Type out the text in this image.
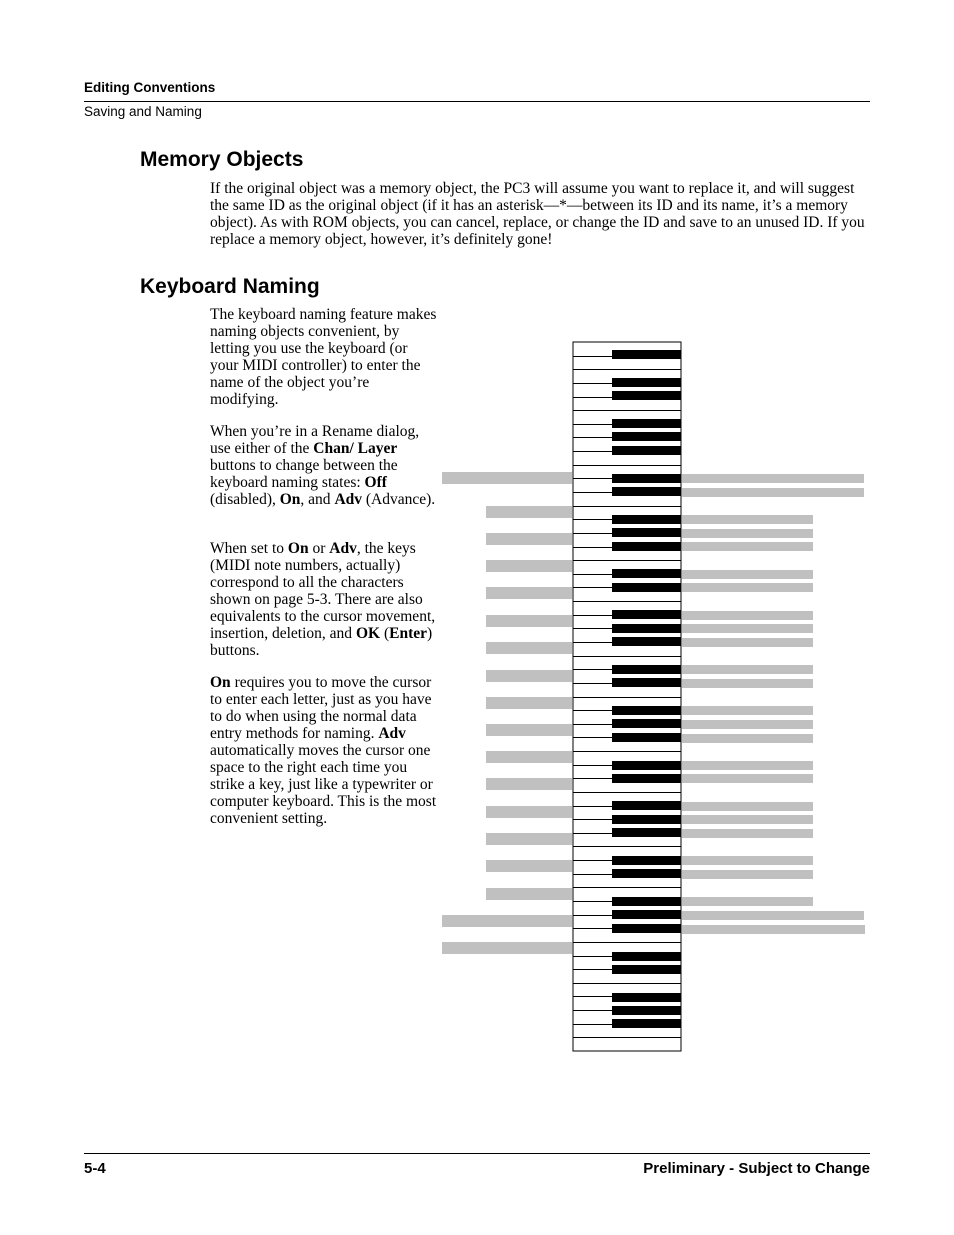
Editing Conventions
Saving and Naming
Memory Objects

If the original object was a memory object, the PC3 will assume you want to replace it, and will suggest the same ID as the original object (if it has an asterisk—*—between its ID and its name, it’s a memory object). As with ROM objects, you can cancel, replace, or change the ID and save to an unused ID. If you replace a memory object, however, it’s definitely gone!

Keyboard Naming

The keyboard naming feature makes naming objects convenient, by letting you use the keyboard (or your MIDI controller) to enter the name of the object you’re modifying.

When you’re in a Rename dialog, use either of the Chan/ Layer buttons to change between the keyboard naming states: Off (disabled), On, and Adv (Advance).

When set to On or Adv, the keys (MIDI note numbers, actually) correspond to all the characters shown on page 5-3. There are also equivalents to the cursor movement, insertion, deletion, and OK (Enter) buttons.

On requires you to move the cursor to enter each letter, just as you have to do when using the normal data entry methods for naming. Adv automatically moves the cursor one space to the right each time you strike a key, just like a typewriter or computer keyboard. This is the most convenient setting.

5-4	Preliminary - Subject to Change
